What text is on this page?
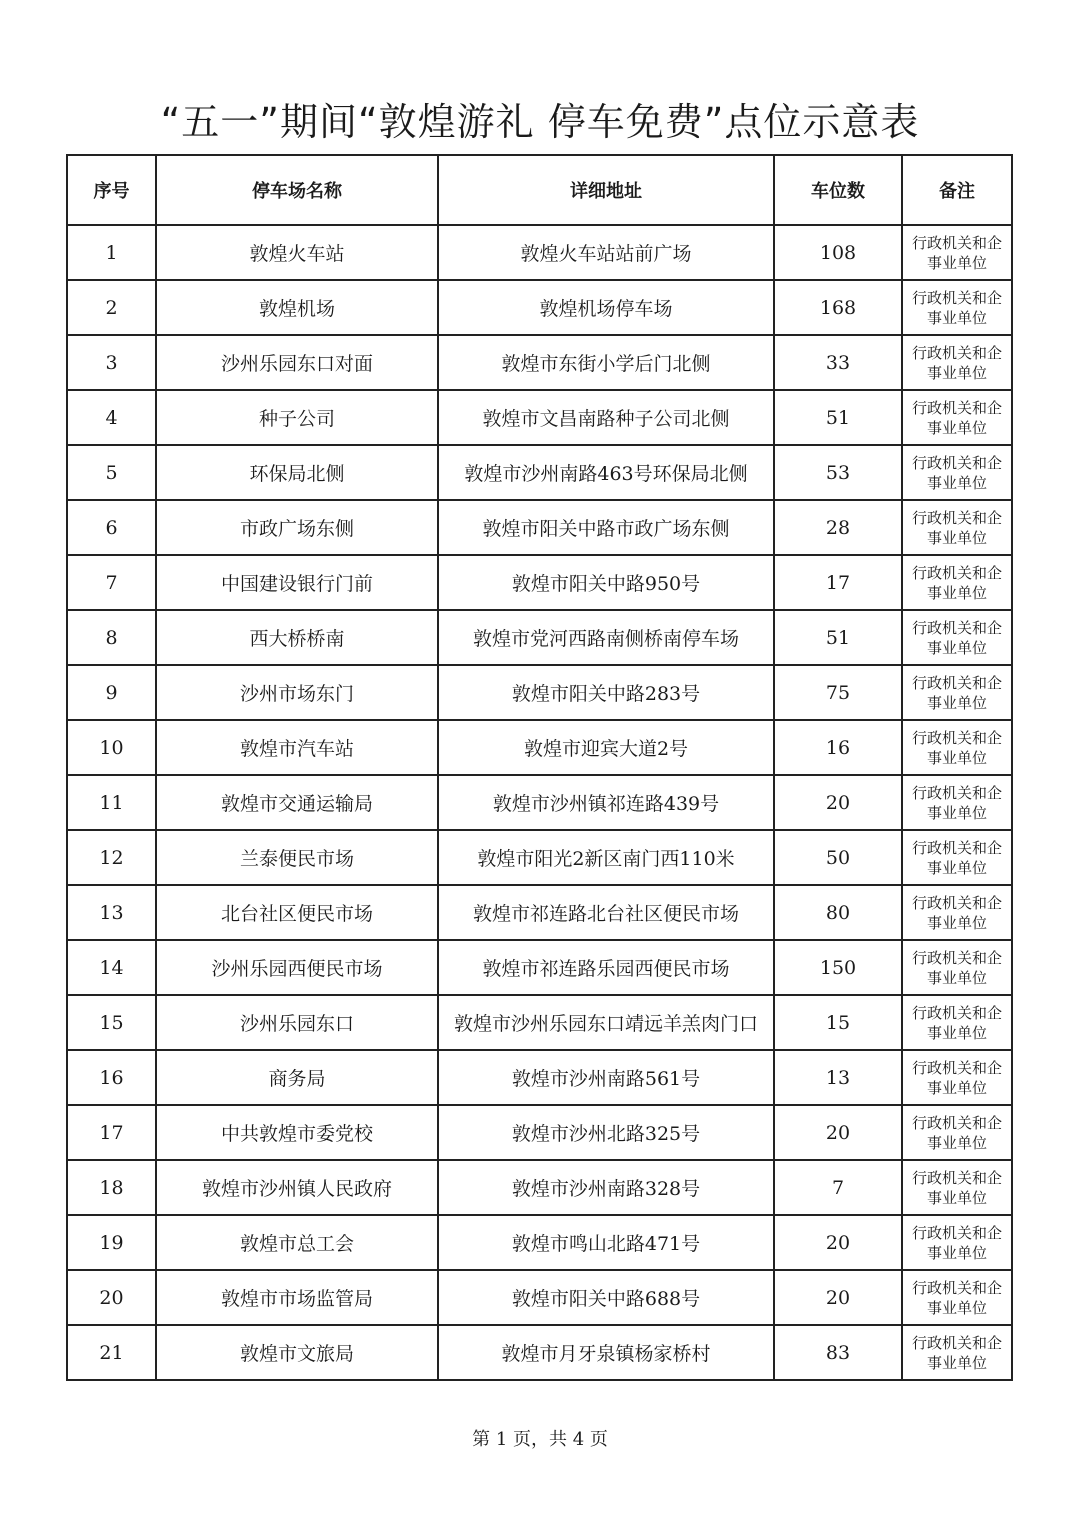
“五一”期间“敦煌游礼 停车免费”点位示意表
序号	停车场名称	详细地址	车位数	备注
1	敦煌火车站	敦煌火车站站前广场	108	行政机关和企
事业单位

2	敦煌机场	敦煌机场停车场	168	行政机关和企
事业单位

3	沙州乐园东口对面	敦煌市东街小学后门北侧	33	行政机关和企
事业单位

4	种子公司	敦煌市文昌南路种子公司北侧	51	行政机关和企
事业单位

5	环保局北侧	敦煌市沙州南路463号环保局北侧	53	行政机关和企
事业单位

6	市政广场东侧	敦煌市阳关中路市政广场东侧	28	行政机关和企
事业单位

7	中国建设银行门前	敦煌市阳关中路950号	17	行政机关和企
事业单位

8	西大桥桥南	敦煌市党河西路南侧桥南停车场	51	行政机关和企
事业单位

9	沙州市场东门	敦煌市阳关中路283号	75	行政机关和企
事业单位

10	敦煌市汽车站	敦煌市迎宾大道2号	16	行政机关和企
事业单位

11	敦煌市交通运输局	敦煌市沙州镇祁连路439号	20	行政机关和企
事业单位

12	兰泰便民市场	敦煌市阳光2新区南门西110米	50	行政机关和企
事业单位

13	北台社区便民市场	敦煌市祁连路北台社区便民市场	80	行政机关和企
事业单位

14	沙州乐园西便民市场	敦煌市祁连路乐园西便民市场	150	行政机关和企
事业单位

15	沙州乐园东口	敦煌市沙州乐园东口靖远羊羔肉门口	15	行政机关和企
事业单位

16	商务局	敦煌市沙州南路561号	13	行政机关和企
事业单位

17	中共敦煌市委党校	敦煌市沙州北路325号	20	行政机关和企
事业单位

18	敦煌市沙州镇人民政府	敦煌市沙州南路328号	7	行政机关和企
事业单位

19	敦煌市总工会	敦煌市鸣山北路471号	20	行政机关和企
事业单位

20	敦煌市市场监管局	敦煌市阳关中路688号	20	行政机关和企
事业单位

21	敦煌市文旅局	敦煌市月牙泉镇杨家桥村	83	行政机关和企
事业单位
第 1 页，共 4 页
